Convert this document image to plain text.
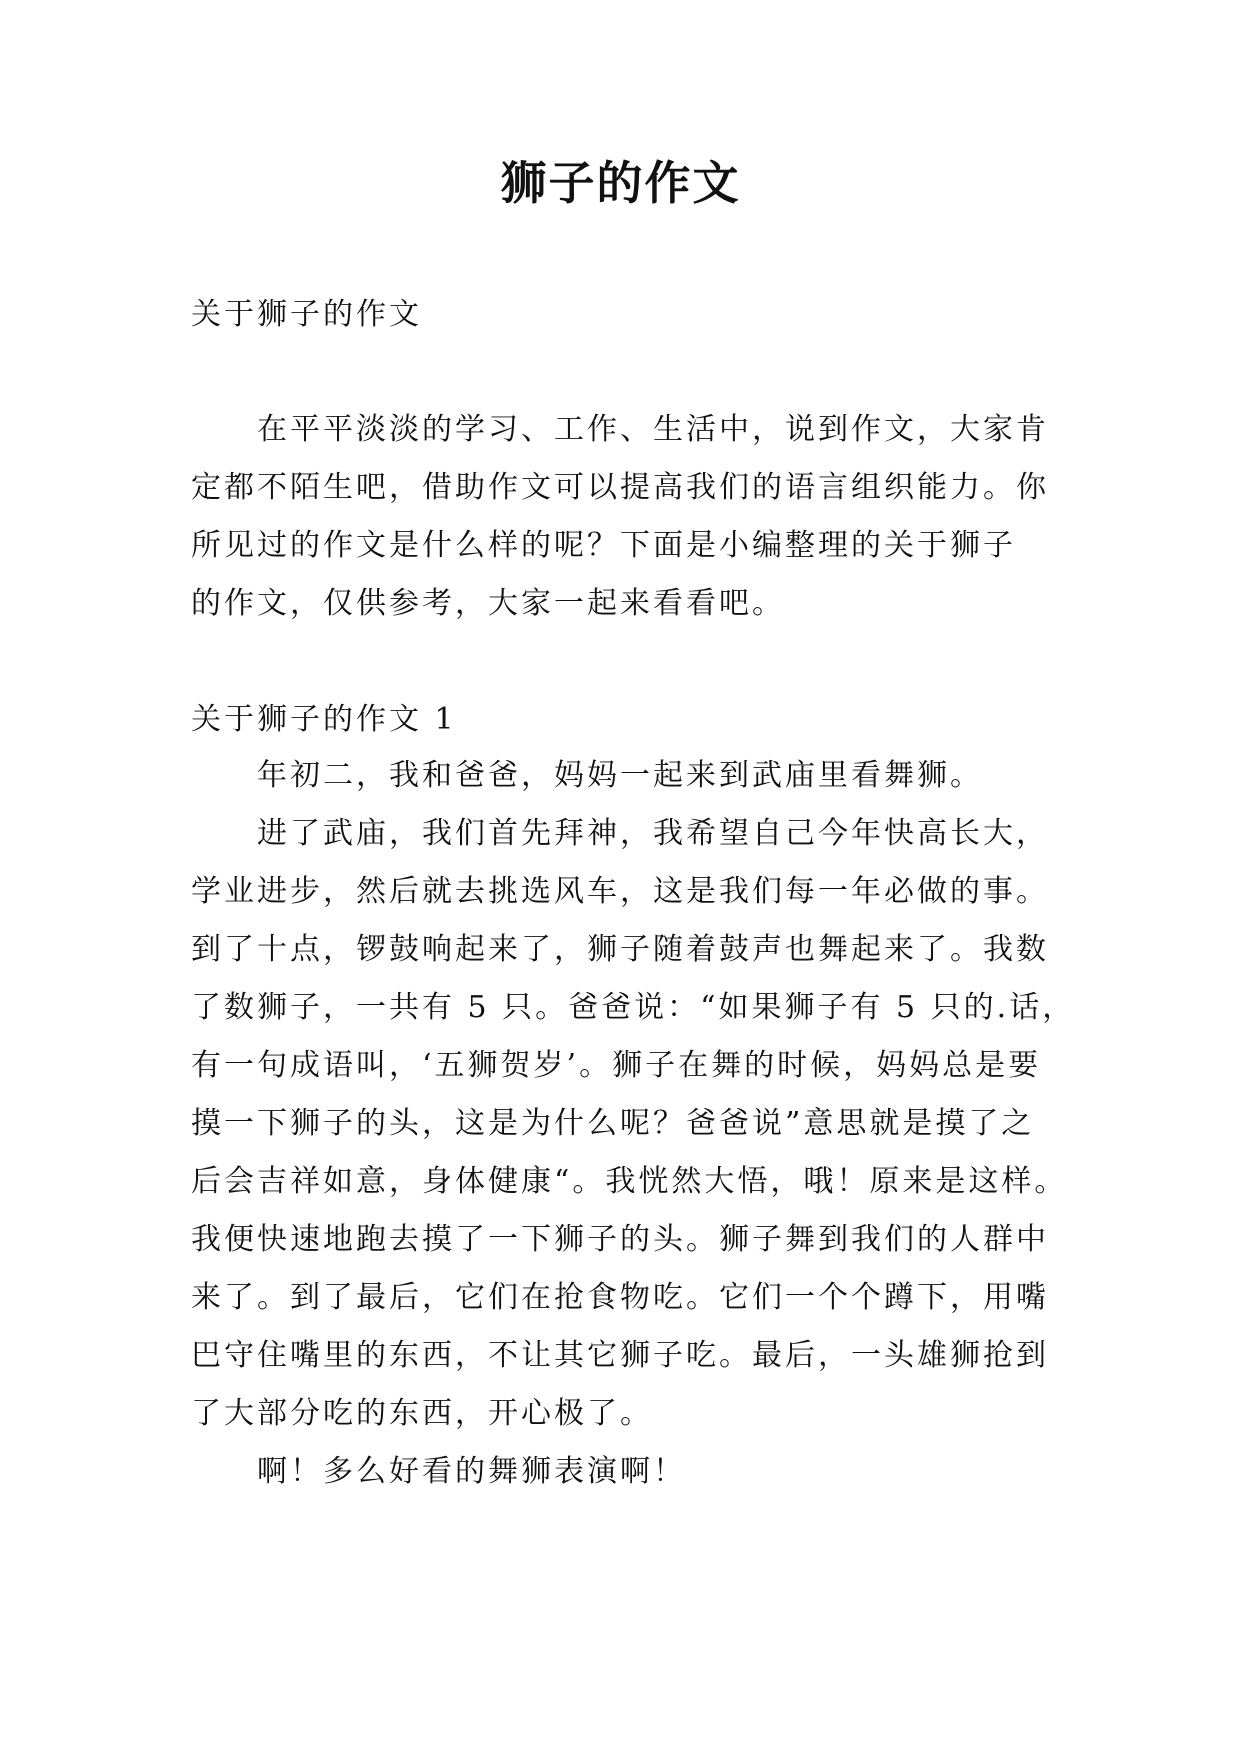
狮子的作文
关于狮子的作文
在平平淡淡的学习、工作、生活中，说到作文，大家肯
定都不陌生吧，借助作文可以提高我们的语言组织能力。你
所见过的作文是什么样的呢？下面是小编整理的关于狮子
的作文，仅供参考，大家一起来看看吧。
关于狮子的作文 1
年初二，我和爸爸，妈妈一起来到武庙里看舞狮。
进了武庙，我们首先拜神，我希望自己今年快高长大，
学业进步，然后就去挑选风车，这是我们每一年必做的事。
到了十点，锣鼓响起来了，狮子随着鼓声也舞起来了。我数
了数狮子，一共有 5 只。爸爸说：“如果狮子有 5 只的.话，
有一句成语叫，‘五狮贺岁’。狮子在舞的时候，妈妈总是要
摸一下狮子的头，这是为什么呢？爸爸说”意思就是摸了之
后会吉祥如意，身体健康“。我恍然大悟，哦！原来是这样。
我便快速地跑去摸了一下狮子的头。狮子舞到我们的人群中
来了。到了最后，它们在抢食物吃。它们一个个蹲下，用嘴
巴守住嘴里的东西，不让其它狮子吃。最后，一头雄狮抢到
了大部分吃的东西，开心极了。
啊！多么好看的舞狮表演啊！
